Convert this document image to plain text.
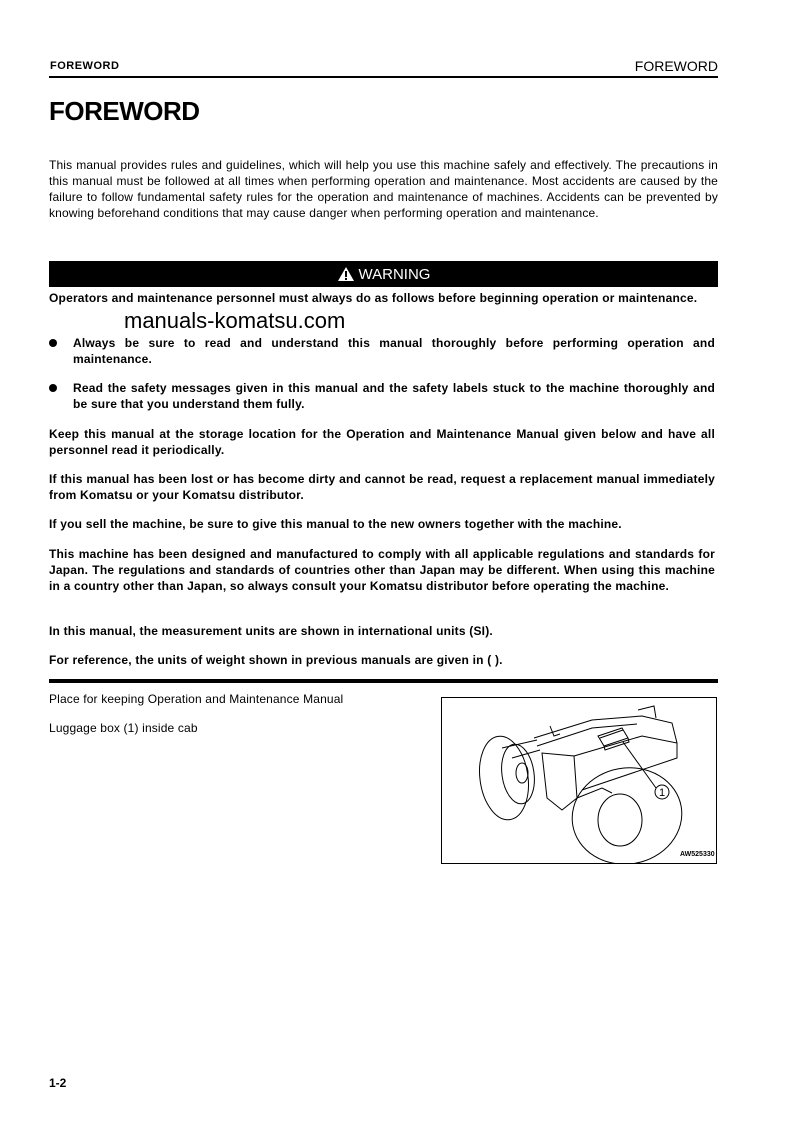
FOREWORD	FOREWORD
FOREWORD

This manual provides rules and guidelines, which will help you use this machine safely and effectively. The precautions in this manual must be followed at all times when performing operation and maintenance. Most accidents are caused by the failure to follow fundamental safety rules for the operation and maintenance of machines. Accidents can be prevented by knowing beforehand conditions that may cause danger when performing operation and maintenance.

WARNING

Operators and maintenance personnel must always do as follows before beginning operation or maintenance.

manuals-komatsu.com

Always be sure to read and understand this manual thoroughly before performing operation and maintenance.

Read the safety messages given in this manual and the safety labels stuck to the machine thoroughly and be sure that you understand them fully.

Keep this manual at the storage location for the Operation and Maintenance Manual given below and have all personnel read it periodically.

If this manual has been lost or has become dirty and cannot be read, request a replacement manual immediately from Komatsu or your Komatsu distributor.

If you sell the machine, be sure to give this manual to the new owners together with the machine.

This machine has been designed and manufactured to comply with all applicable regulations and standards for Japan. The regulations and standards of countries other than Japan may be different. When using this machine in a country other than Japan, so always consult your Komatsu distributor before operating the machine.

In this manual, the measurement units are shown in international units (SI).

For reference, the units of weight shown in previous manuals are given in ( ).

Place for keeping Operation and Maintenance Manual
Luggage box (1) inside cab
1
AW525330
1-2
